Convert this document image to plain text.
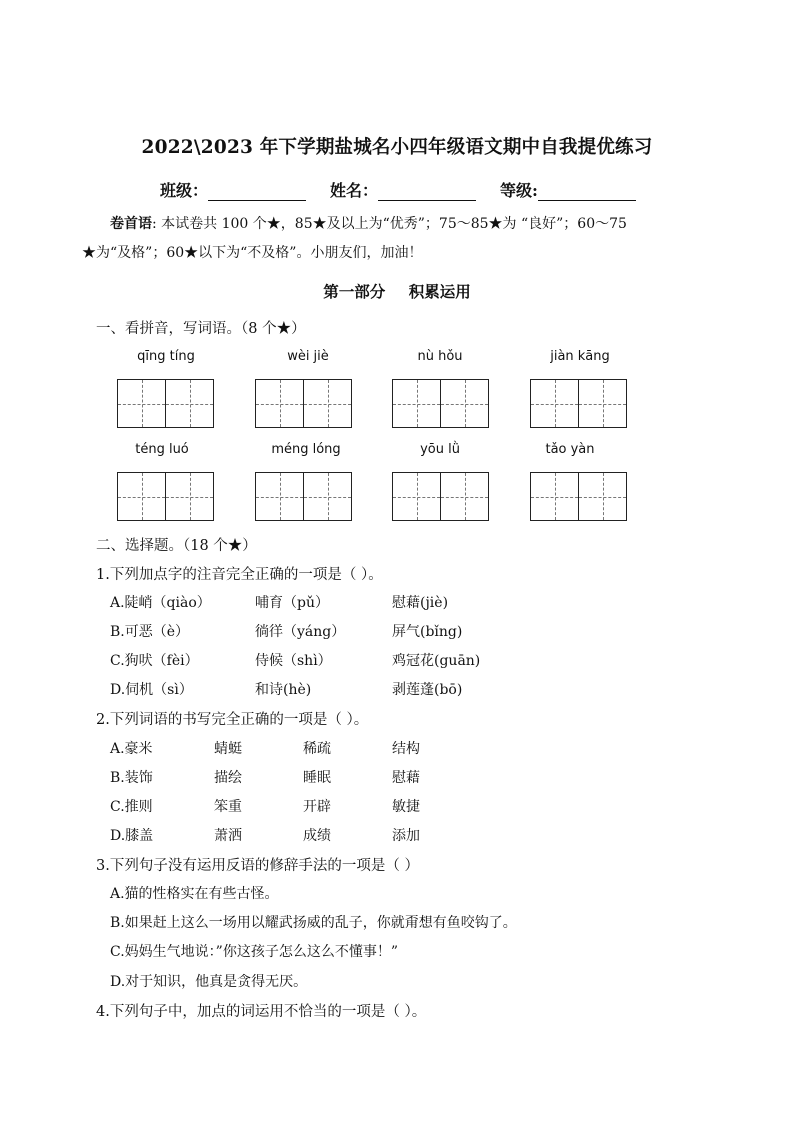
2022\2023 年下学期盐城名小四年级语文期中自我提优练习
班级：	姓名：	等级:
卷首语: 本试卷共 100 个★，85★及以上为“优秀”；75～85★为 “良好”；60～75
★为“及格”；60★以下为“不及格”。小朋友们，加油！
第一部分 积累运用
一、看拼音，写词语。（8 个★）
qīng tíng	wèi jiè	nù hǒu	jiàn kāng
téng luó	méng lóng	yōu lǜ	tǎo yàn
二、选择题。（18 个★）
1.下列加点字的注音完全正确的一项是（ ）。
A.陡峭（qiào）	哺育（pǔ）	慰藉(jiè)
B.可恶（è）	徜徉（yáng）	屏气(bǐng)
C.狗吠（fèi）	侍候（shì）	鸡冠花(guān)
D.伺机（sì）	和诗(hè)	剥莲蓬(bō)
2.下列词语的书写完全正确的一项是（ ）。
A.豪米	蜻蜓	稀疏	结构
B.装饰	描绘	睡眠	慰藉
C.推则	笨重	开辟	敏捷
D.膝盖	萧洒	成绩	添加
3.下列句子没有运用反语的修辞手法的一项是（ ）
A.猫的性格实在有些古怪。
B.如果赶上这么一场用以耀武扬威的乱子，你就甭想有鱼咬钩了。
C.妈妈生气地说：”你这孩子怎么这么不懂事！”
D.对于知识，他真是贪得无厌。
4.下列句子中，加点的词运用不恰当的一项是（ ）。
